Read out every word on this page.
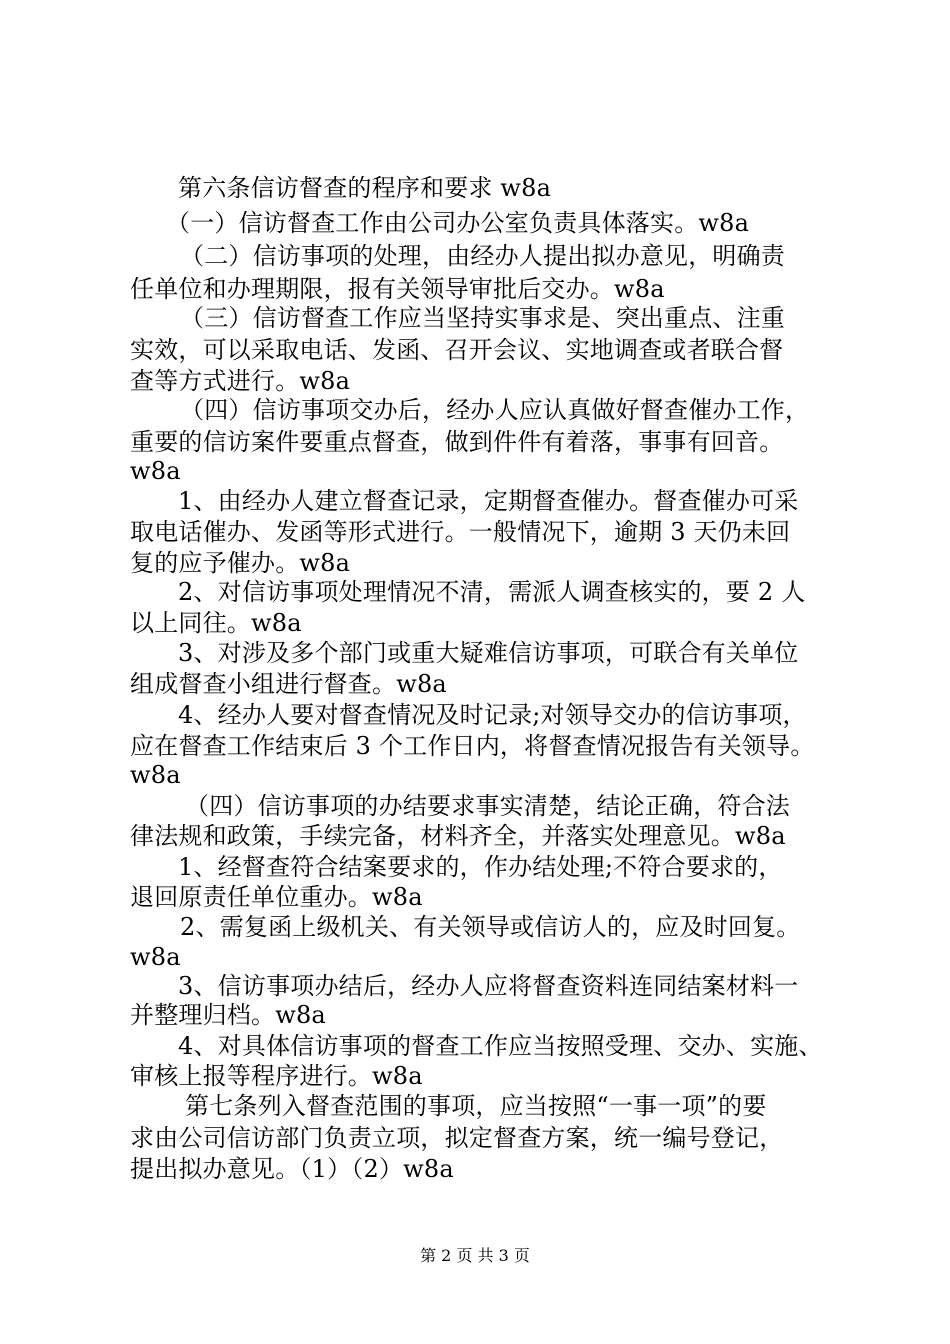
第六条信访督查的程序和要求 w8a
（一）信访督查工作由公司办公室负责具体落实。w8a
（二）信访事项的处理，由经办人提出拟办意见，明确责
任单位和办理期限，报有关领导审批后交办。w8a
（三）信访督查工作应当坚持实事求是、突出重点、注重
实效，可以采取电话、发函、召开会议、实地调查或者联合督
查等方式进行。w8a
（四）信访事项交办后，经办人应认真做好督查催办工作，
重要的信访案件要重点督查，做到件件有着落，事事有回音。
w8a
1、由经办人建立督查记录，定期督查催办。督查催办可采
取电话催办、发函等形式进行。一般情况下，逾期 3 天仍未回
复的应予催办。w8a
2、对信访事项处理情况不清，需派人调查核实的，要 2 人
以上同往。w8a
3、对涉及多个部门或重大疑难信访事项，可联合有关单位
组成督查小组进行督查。w8a
4、经办人要对督查情况及时记录;对领导交办的信访事项，
应在督查工作结束后 3 个工作日内，将督查情况报告有关领导。
w8a
（四）信访事项的办结要求事实清楚，结论正确，符合法
律法规和政策，手续完备，材料齐全，并落实处理意见。w8a
1、经督查符合结案要求的，作办结处理;不符合要求的，
退回原责任单位重办。w8a
2、需复函上级机关、有关领导或信访人的，应及时回复。
w8a
3、信访事项办结后，经办人应将督查资料连同结案材料一
并整理归档。w8a
4、对具体信访事项的督查工作应当按照受理、交办、实施、
审核上报等程序进行。w8a
第七条列入督查范围的事项，应当按照“一事一项”的要
求由公司信访部门负责立项，拟定督查方案，统一编号登记，
提出拟办意见。（1）（2）w8a
第 2 页 共 3 页
